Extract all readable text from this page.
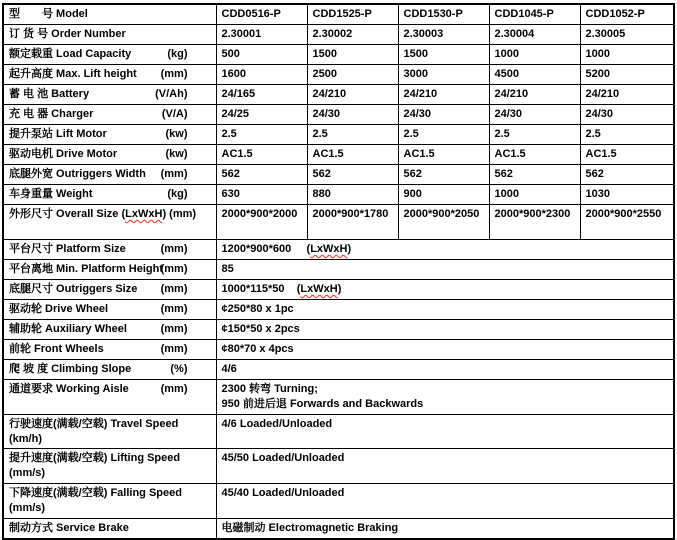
型　　号 Model	CDD0516-P	CDD1525-P	CDD1530-P	CDD1045-P	CDD1052-P

订 货 号 Order Number	2.30001	2.30002	2.30003	2.30004	2.30005

额定载重 Load Capacity (kg)	500	1500	1500	1000	1000

起升高度 Max. Lift height (mm)	1600	2500	3000	4500	5200

蓄 电 池 Battery (V/Ah)	24/165	24/210	24/210	24/210	24/210

充 电 器 Charger (V/A)	24/25	24/30	24/30	24/30	24/30

提升泵站 Lift Motor (kw)	2.5	2.5	2.5	2.5	2.5

驱动电机 Drive Motor (kw)	AC1.5	AC1.5	AC1.5	AC1.5	AC1.5

底腿外宽 Outriggers Width (mm)	562	562	562	562	562

车身重量 Weight (kg)	630	880	900	1000	1030

外形尺寸 Overall Size (LxWxH) (mm)	2000*900*2000	2000*900*1780	2000*900*2050	2000*900*2300	2000*900*2550

平台尺寸 Platform Size (mm)	1200*900*600     (LxWxH)				

平台离地 Min. Platform Height
(mm)	85				

底腿尺寸 Outriggers Size (mm)	1000*115*50    (LxWxH)				

驱动轮 Drive Wheel (mm)	¢250*80 x 1pc				

辅助轮 Auxiliary Wheel (mm)	¢150*50 x 2pcs				

前轮 Front Wheels (mm)	¢80*70 x 4pcs				

爬 坡 度 Climbing Slope (%)	4/6				

通道要求 Working Aisle	(mm)	2300 转弯 Turning;
950 前进后退 Forwards and Backwards

行驶速度(满载/空载) Travel Speed (km/h)	4/6 Loaded/Unloaded				

提升速度(满载/空载) Lifting Speed
(mm/s)	45/50 Loaded/Unloaded				

下降速度(满载/空载) Falling Speed
(mm/s)	45/40 Loaded/Unloaded				

制动方式 Service Brake	电磁制动 Electromagnetic Braking				
